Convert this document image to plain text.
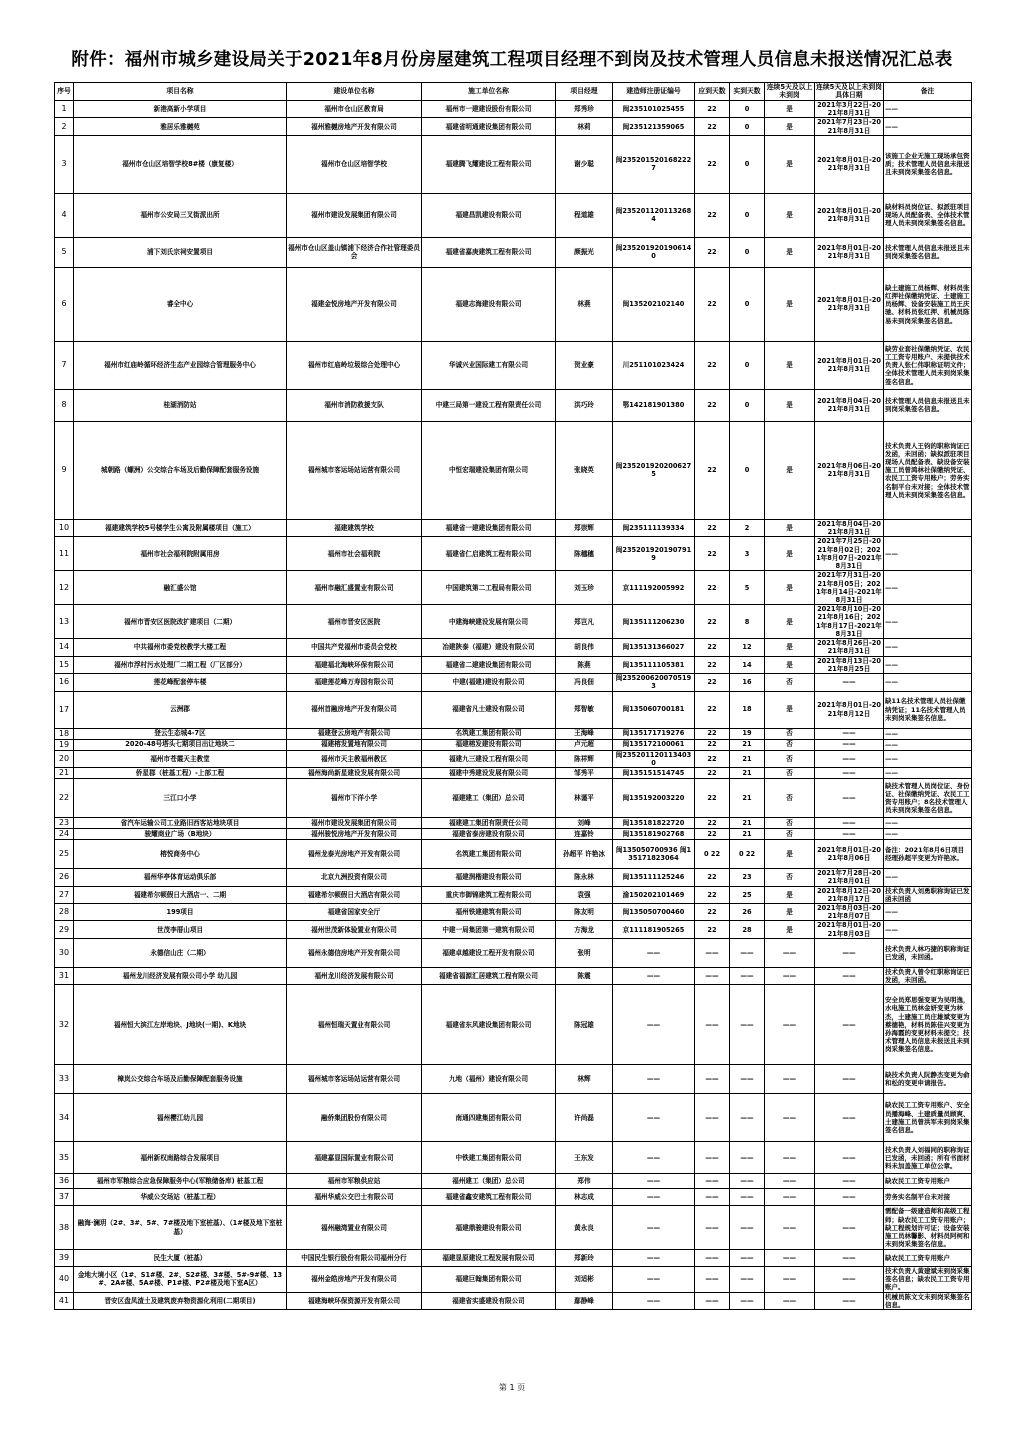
附件：福州市城乡建设局关于2021年8月份房屋建筑工程项目经理不到岗及技术管理人员信息未报送情况汇总表
序号	项目名称	建设单位名称	施工单位名称	项目经理	建造师注册证编号	应到天数	实到天数	连续5天及以上未到岗	连续5天及以上未到岗具体日期	备注
1	新港高新小学项目	福州市仓山区教育局	福州市一建建设股份有限公司	郑秀珍	闽235101025455	22	0	是	2021年3月22日-2021年8月31日	——
2	雅居乐雅樾苑	福州雅樾房地产开发有限公司	福建省明通建设集团有限公司	林莉	闽235121359065	22	0	是	2021年7月23日-2021年8月31日	——
3	福州市仓山区培智学校8#楼（康复楼）	福州市仓山区培智学校	福建腾飞耀建设工程有限公司	谢少聪	闽2352015201682227	22	0	是	2021年8月01日-2021年8月31日	该施工企业无施工现场承包资质；技术管理人员信息未报送且未到岗采集签名信息。
4	福州市公安局三叉街派出所	福州市建设发展集团有限公司	福建昌凯建设有限公司	程道雄	闽2352011201132684	22	0	是	2021年8月01日-2021年8月31日	缺材料员岗位证、拟派驻项目现场人员配备表、全体技术管理人员未到岗采集签名信息。
5	浦下刘氏宗祠安置项目	福州市仓山区盖山镇浦下经济合作社管理委员会	福建省嘉庚建筑工程有限公司	颜振光	闽2352019201906140	22	0	是	2021年8月01日-2021年8月31日	技术管理人员信息未报送且未到岗采集签名信息。
6	睿全中心	福建金悦房地产开发有限公司	福建志海建设有限公司	林燕	闽135202102140	22	0	是	2021年8月01日-2021年8月31日	缺土建施工员杨辉、材料员张红押社保缴纳凭证、土建施工员杨辉、设备安装施工员王庆驰、材料员张红押、机械员陈易未到岗采集签名信息。
7	福州市红庙岭循环经济生态产业园综合管理服务中心	福州市红庙岭垃圾综合处理中心	华诚兴业国际建工有限公司	贺业豪	川251101023424	22	0	是	2021年8月01日-2021年8月31日	缺劳业套社保缴纳凭证、农民工工资专用账户、未提供技术负责人张仁伟职称证明文件；全体技术管理人员未到岗采集签名信息。
8	桂湖消防站	福州市消防救援支队	中建三局第一建设工程有限责任公司	洪巧玲	鄂142181901380	22	0	是	2021年8月04日-2021年8月31日	技术管理人员信息未报送且未到岗采集签名信息。
9	城朝路（螺洲）公交综合车场及后勤保障配套服务设施	福州城市客运场站运营有限公司	中恒宏瑞建设集团有限公司	张晓英	闽2352019202006275	22	0	是	2021年8月06日-2021年8月31日	技术负责人王钧的职称询证已发函，未回函；缺拟派驻项目现场人员配备表、缺设备安装施工员曾鸿林社保缴纳凭证、农民工工资专用账户；劳务实名制平台未对接；全体技术管理人员未到岗采集签名信息。
10	福建建筑学校5号楼学生公寓及附属楼项目（施工）	福建建筑学校	福建省一建建设集团有限公司	郑崇辉	闽235111139334	22	2	是	2021年8月04日-2021年8月31日	
11	福州市社会福利院附属用房	福州市社会福利院	福建省仁启建筑工程有限公司	陈穗穗	闽2352019201907919	22	3	是	2021年7月25日-2021年8月02日；2021年8月07日-2021年8月31日	——
12	融汇盛公馆	福州市融汇盛置业有限公司	中国建筑第二工程局有限公司	刘玉珍	京111192005992	22	5	是	2021年7月31日-2021年8月05日；2021年8月14日-2021年8月31日	——
13	福州市晋安区医院改扩建项目（二期）	福州市晋安区医院	中建海峡建设发展有限公司	郑岂凡	闽135111206230	22	8	是	2021年8月10日-2021年8月16日；2021年8月17日-2021年8月31日	——
14	中共福州市委党校教学大楼工程	中国共产党福州市委员会党校	冶建陕泰（福建）建设有限公司	胡良伟	闽135131366027	22	12	是	2021年8月26日-2021年8月31日	——
15	福州市浮村污水处理厂二期工程（厂区部分）	福建福北海峡环保有限公司	福建省二建建设集团有限公司	陈燕	闽135111105381	22	14	是	2021年8月13日-2021年8月25日	——
16	莲花峰配套停车楼	福建莲花峰万寿园有限公司	中建(福建)建设有限公司	冯良佃	闽2352006200705193	22	16	否	——	——
17	云洲郡	福州首融房地产开发有限公司	福建省凡士建设有限公司	郑智敏	闽135060700181	22	18	是	2021年8月01日-2021年8月12日	缺11名技术管理人员社保缴纳凭证；11名技术管理人员未到岗采集签名信息。
18	登云生态城4-7区	福建登云房地产有限公司	名筑建工集团有限公司	王海峰	闽135171719276	22	19	否	——	——
19	2020-48号塔头七期项目出让地块二	福建榕发置地有限公司	福建榕发建设有限公司	卢元超	闽135172100061	22	21	否	——	——
20	福州市苍霞天主教堂	福州市天主教福州教区	福建九三建设工程有限公司	陈祥辉	闽2352011201134030	22	21	否	——	——
21	侨星郡（桩基工程）-上部工程	福州海尚新星建设发展有限公司	福建中秀建设发展有限公司	邹秀平	闽135151514745	22	21	否	——	——
22	三江口小学	福州市下洋小学	福建建工（集团）总公司	林谨平	闽135192003220	22	21	否	——	缺技术管理人员岗位证、身份证、社保缴纳凭证、农民工工资专用账户；8名技术管理人员未到岗采集签名信息。
23	省汽车运输公司工业路旧西客站地块项目	福州市建设发展集团有限公司	福建建工集团有限责任公司	刘峰	闽135181822720	22	21	否	——	——
24	骏耀商业广场（B地块）	福州骏悦房地产开发有限公司	福建省泰房建设有限公司	连嘉铃	闽135181902768	22	21	否	——	——
25	榕悦商务中心	福州龙泰光房地产开发有限公司	名筑建工集团有限公司	孙超平 许艳冰	闽135050700936 闽135171823064	0 22	0 22	是	2021年8月01日-2021年8月06日	备注：2021年8月6日项目经理孙超平变更为许艳冰。
26	福州华亭体育运动俱乐部	北京九洲投资有限公司	福建润楷建设有限公司	陈永林	闽135111125246	22	23	否	2021年7月28日-2021年8月01日	——
27	福建希尔顿假日大酒店一、二期	福建希尔顿假日大酒店有限公司	重庆市御锦建筑工程有限公司	袁强	渝150202101469	22	25	是	2021年8月12日-2021年8月17日	技术负责人刘勇职称询证已发函未回函
28	199项目	福建省国家安全厅	福州铁建建筑有限公司	陈友明	闽135050700460	22	26	是	2021年8月03日-2021年8月07日	——
29	世茂李厝山项目	福州世茂新体验置业有限公司	中建一局集团第一建筑有限公司	方海龙	京111181905265	22	28	是	2021年8月01日-2021年8月03日	——
30	永德信山庄（二期）	福州永德信房地产开发有限公司	福建卓越建设工程开发有限公司	张明	——	——	——	——	——	技术负责人林巧捷的职称询证已发函，未回函。
31	福州龙川经济发展有限公司小学 幼儿园	福州龙川经济发展有限公司	福建省福源汇居建筑工程有限公司	陈震	——	——	——	——	——	技术负责人曾令红职称询证已发函，未回函。
32	福州恒大滨江左岸地块、J地块(一期)、K地块	福州恒瑞天置业有限公司	福建省东风建设集团有限公司	陈冠雄	——	——	——	——	——	安全员郑思强变更为吴明逸，水电施工员林金妍变更为林杰，土建施工员庄雄斌变更为蔡德艳，材料员陈佳兴变更为孙海霞的变更材料未提交；技术管理人员信息未报送且未到岗采集签名信息。
33	樟岚公交综合车场及后勤保障配套服务设施	福州城市客运场站运营有限公司	九地（福州）建设有限公司	林辉	——	——	——	——	——	缺技术负责人阮静杰变更为俞和松的变更申请报告。
34	福州樱江幼儿园	融侨集团股份有限公司	南通四建集团有限公司	许尚磊	——	——	——	——	——	缺农民工工资专用账户、安全员播海峰、土建质量员顾爽、土建施工员曾洪军未到岗采集签名信息。
35	福州新权南路综合发展项目	福建嘉显国际置业有限公司	中铁建工集团有限公司	王东发	——	——	——	——	——	技术负责人刘福同的职称询证已发函，未回函；所有书面材料未加盖施工单位公章。
36	福州市军粮综合应急保障服务中心(军粮储备库) 桩基工程	福州市军粮供应站	福州建工（集团）总公司	郑伟	——	——	——	——	——	缺农民工工资专用账户
37	华威公交场站（桩基工程）	福州华威公交巴士有限公司	福建省鑫安建筑工程有限公司	林志成	——	——	——	——	——	劳务实名制平台未对接
38	融海·澜玥（2#、3#、5#、7#楼及地下室桩基）、（1#楼及地下室桩基）	福州融湾置业有限公司	福建鼎骏建设有限公司	黄永良	——	——	——	——	——	需配备一级建造师和高级工程师；缺农民工工资专用账户；缺工程规划许可证；设备安装施工员林馨影、材料员阿柯和未到岗采集签名信息。
39	民生大厦（桩基）	中国民生银行股份有限公司福州分行	福建显原建设工程发展有限公司	郑新玲	——	——	——	——	——	缺农民工工资专用账户
40	金地大境小区（1#、S1#楼、2#、S2#楼、3#楼、5#-9#楼、13#、2A#楼、5A#楼、P1#楼、P2#楼及地下室A区）	福州金皓房地产开发有限公司	福建巨翰集团有限公司	刘适彬	——	——	——	——	——	技术负责人黄建斌未到岗采集签名信息；缺农民工工资专用账户。
41	晋安区盘凤渣土及建筑废弃物资源化利用(二期项目)	福建海峡环保资源开发有限公司	福建省实盛建设有限公司	鄢静峰	——	——	——	——	——	机械员陈文文未到岗采集签名信息。
第 1 页
